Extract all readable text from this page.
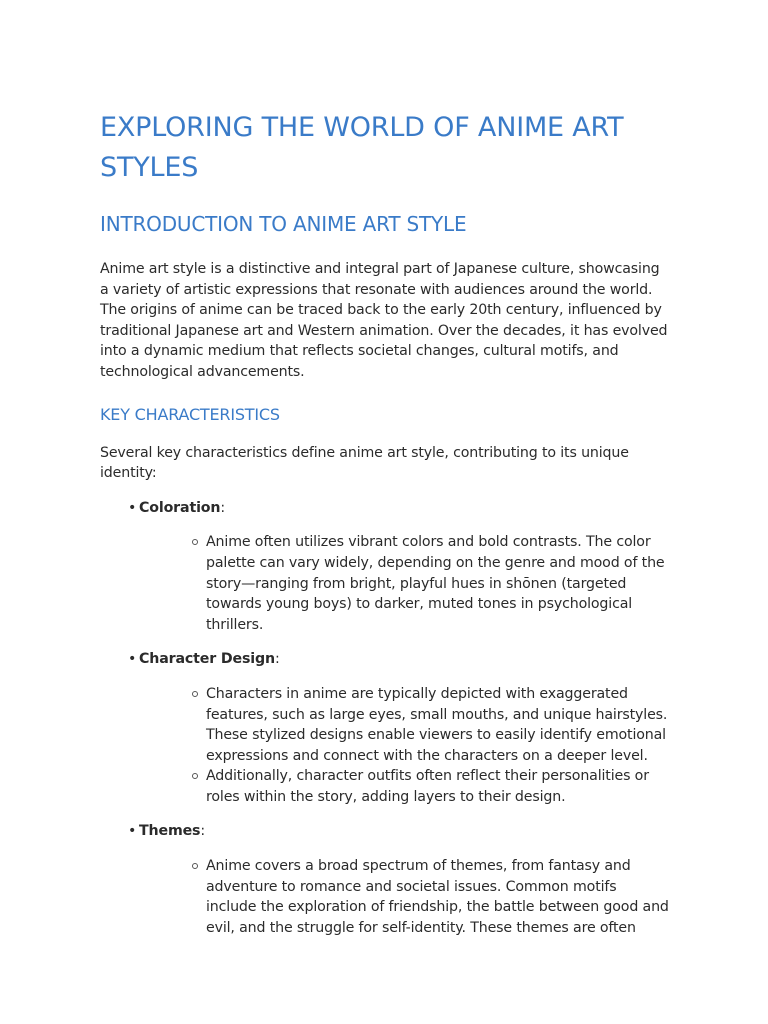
EXPLORING THE WORLD OF ANIME ART STYLES
INTRODUCTION TO ANIME ART STYLE

Anime art style is a distinctive and integral part of Japanese culture, showcasing a variety of artistic expressions that resonate with audiences around the world. The origins of anime can be traced back to the early 20th century, influenced by traditional Japanese art and Western animation. Over the decades, it has evolved into a dynamic medium that reflects societal changes, cultural motifs, and technological advancements.

KEY CHARACTERISTICS

Several key characteristics define anime art style, contributing to its unique identity:

• Coloration:
Anime often utilizes vibrant colors and bold contrasts. The color palette can vary widely, depending on the genre and mood of the story—ranging from bright, playful hues in shōnen (targeted towards young boys) to darker, muted tones in psychological thrillers.
• Character Design:
Characters in anime are typically depicted with exaggerated features, such as large eyes, small mouths, and unique hairstyles. These stylized designs enable viewers to easily identify emotional expressions and connect with the characters on a deeper level.
Additionally, character outfits often reflect their personalities or roles within the story, adding layers to their design.
• Themes:
Anime covers a broad spectrum of themes, from fantasy and adventure to romance and societal issues. Common motifs include the exploration of friendship, the battle between good and evil, and the struggle for self-identity. These themes are often
